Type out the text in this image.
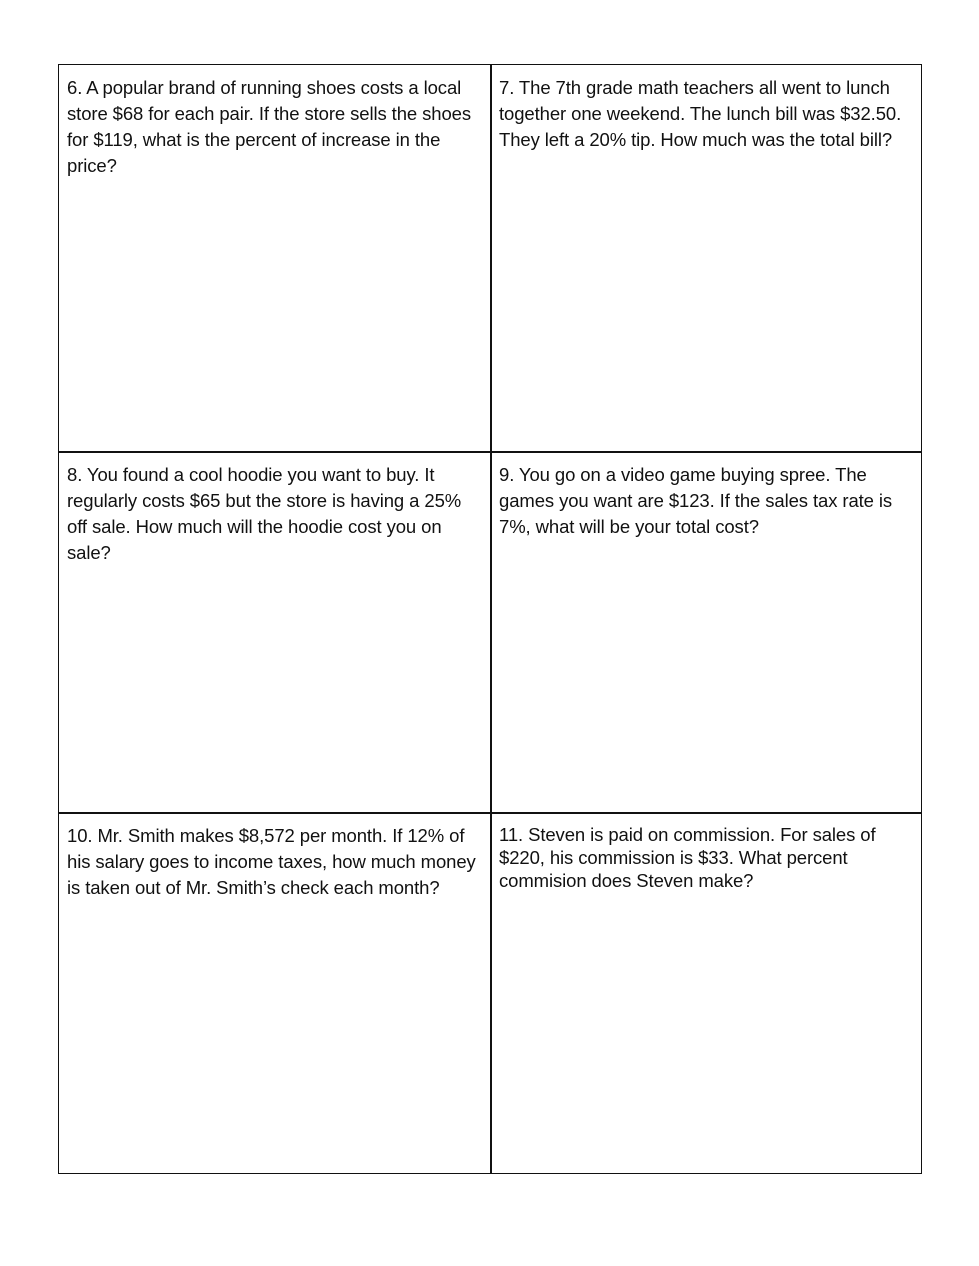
6. A popular brand of running shoes costs a local store $68 for each pair. If the store sells the shoes for $119, what is the percent of increase in the price?

7. The 7th grade math teachers all went to lunch together one weekend. The lunch bill was $32.50. They left a 20% tip. How much was the total bill?

8. You found a cool hoodie you want to buy. It regularly costs $65 but the store is having a 25% off sale. How much will the hoodie cost you on sale?

9. You go on a video game buying spree. The games you want are $123. If the sales tax rate is 7%, what will be your total cost?

10. Mr. Smith makes $8,572 per month. If 12% of his salary goes to income taxes, how much money is taken out of Mr. Smith’s check each month?

11. Steven is paid on commission. For sales of $220, his commission is $33. What percent commision does Steven make?
